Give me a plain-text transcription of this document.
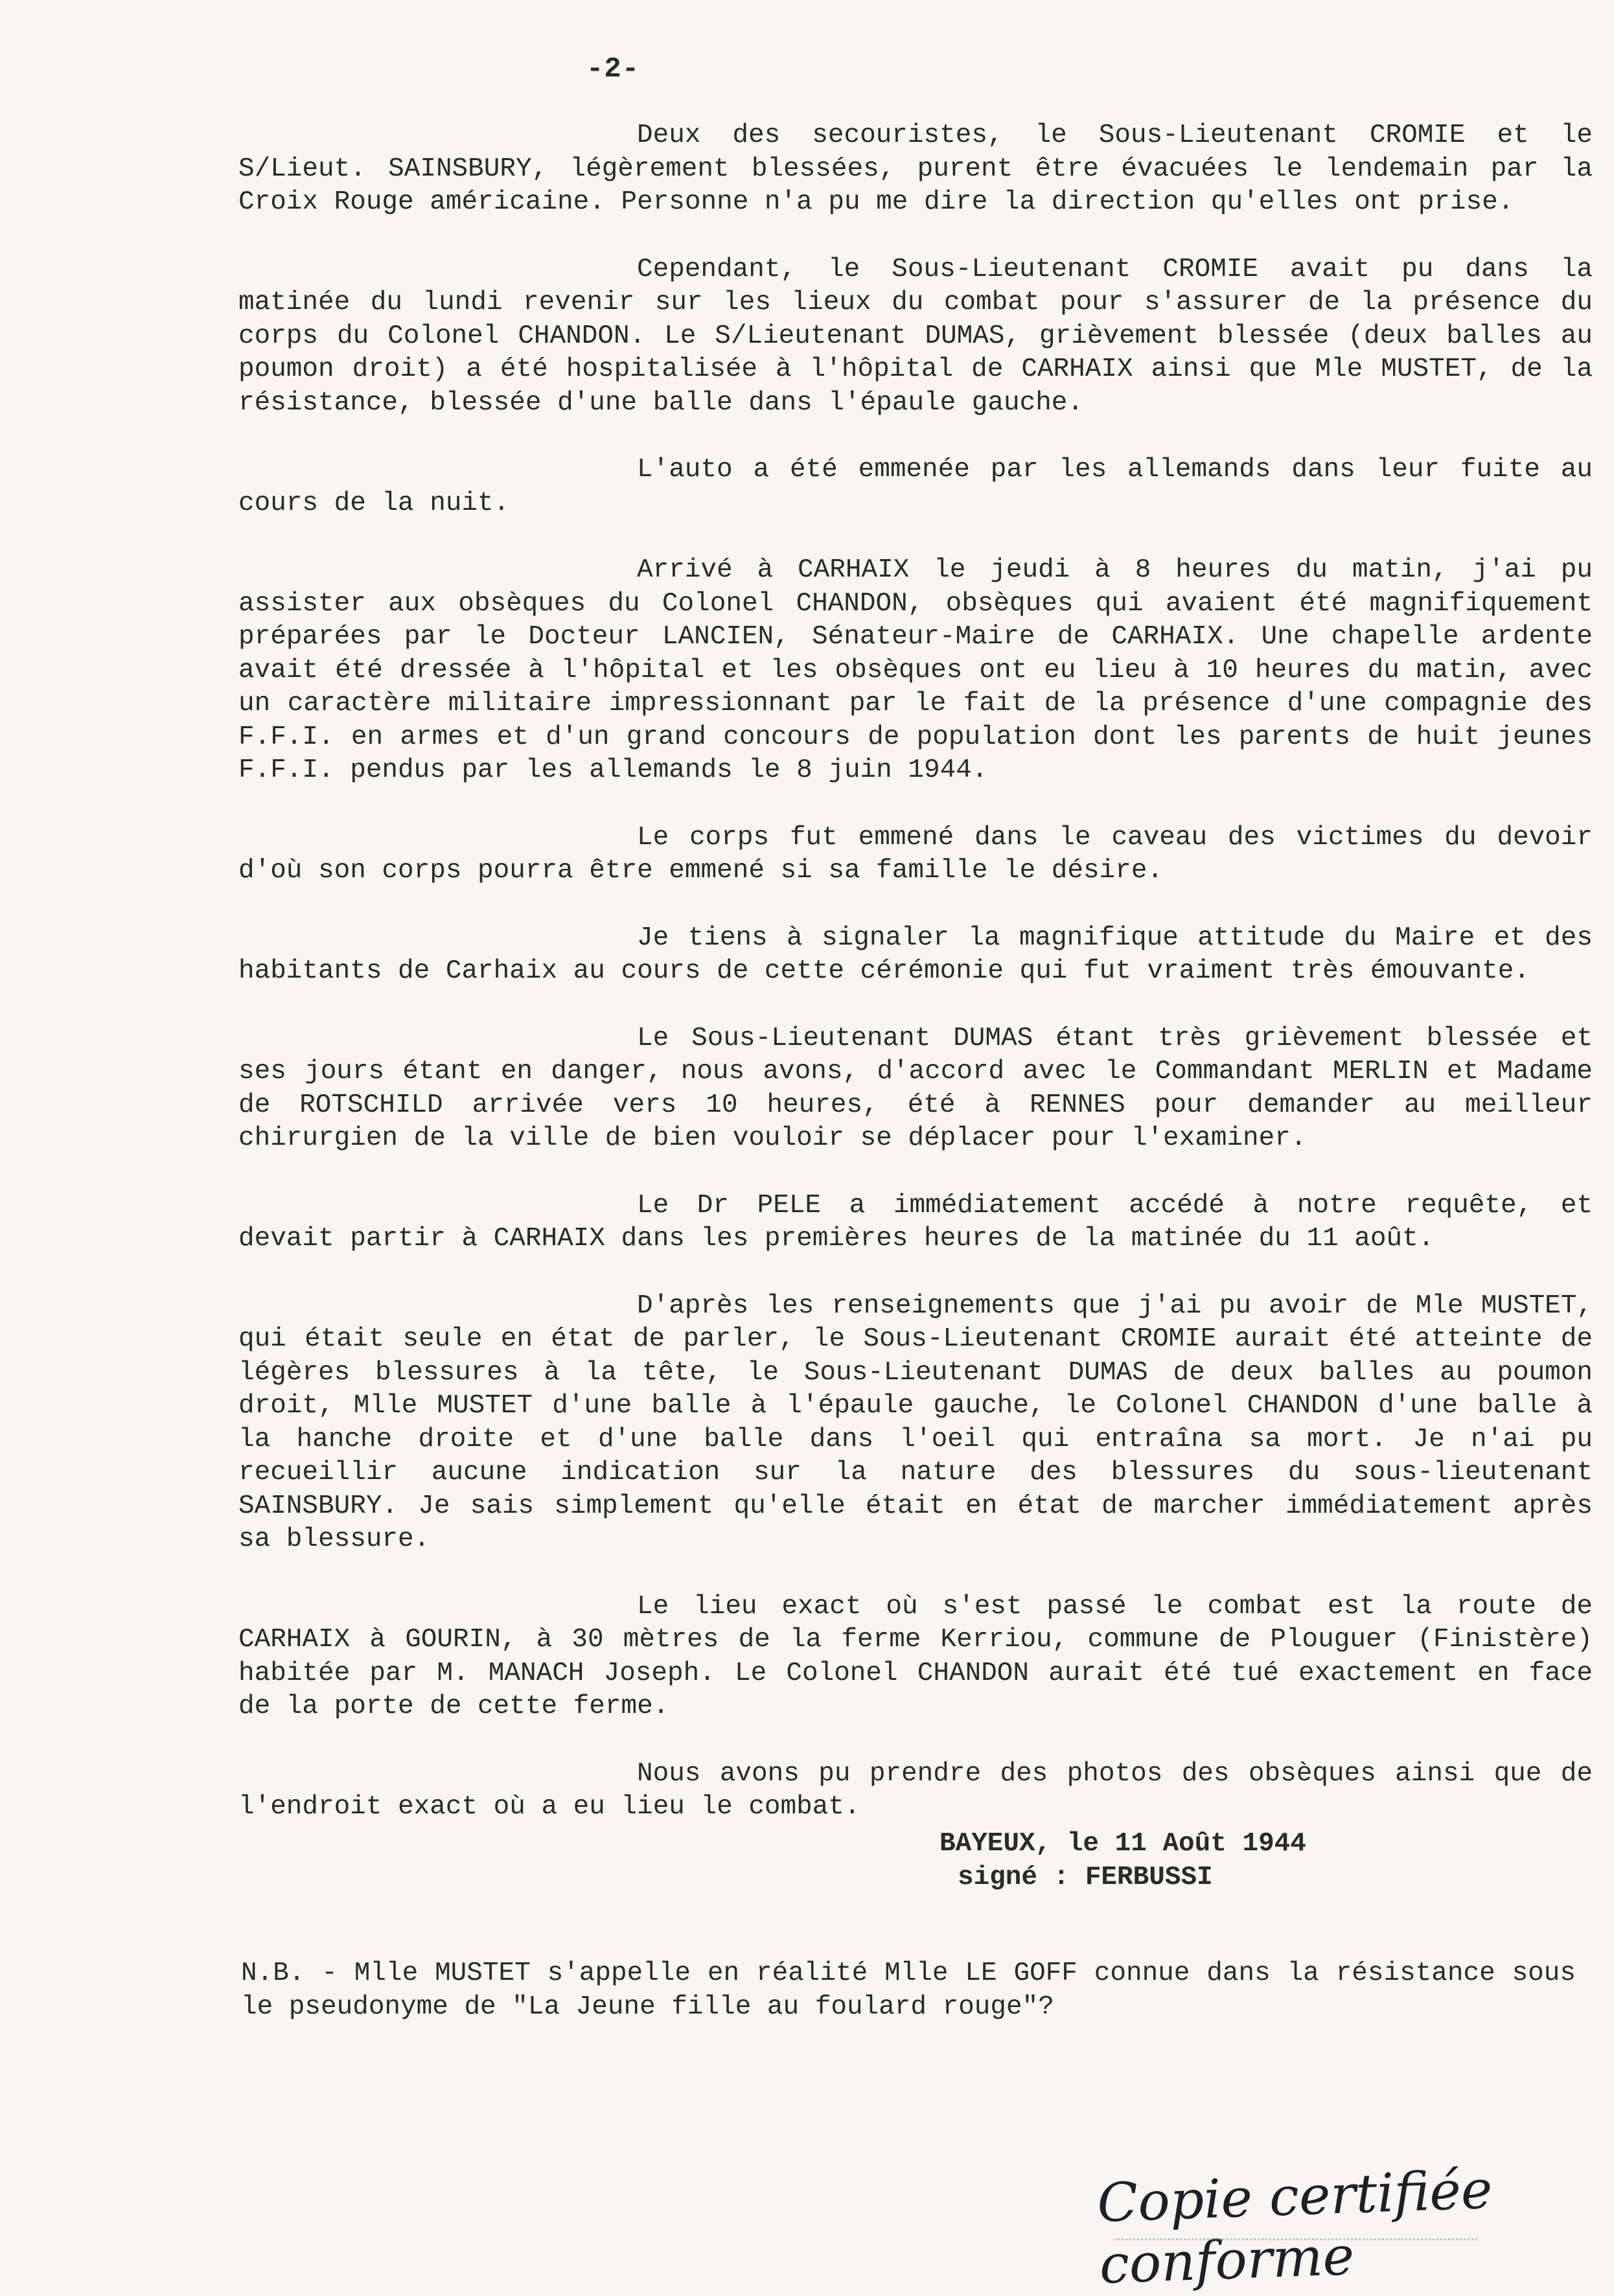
-2-

Deux des secouristes, le Sous-Lieutenant CROMIE et le S/Lieut. SAINSBURY, légèrement blessées, purent être évacuées le lendemain par la Croix Rouge américaine. Personne n'a pu me dire la direction qu'elles ont prise.

Cependant, le Sous-Lieutenant CROMIE avait pu dans la matinée du lundi revenir sur les lieux du combat pour s'assurer de la présence du corps du Colonel CHANDON. Le S/Lieutenant DUMAS, grièvement blessée (deux balles au poumon droit) a été hospitalisée à l'hôpital de CARHAIX ainsi que Mle MUSTET, de la résistance, blessée d'une balle dans l'épaule gauche.

L'auto a été emmenée par les allemands dans leur fuite au cours de la nuit.

Arrivé à CARHAIX le jeudi à 8 heures du matin, j'ai pu assister aux obsèques du Colonel CHANDON, obsèques qui avaient été magnifiquement préparées par le Docteur LANCIEN, Sénateur-Maire de CARHAIX. Une chapelle ardente avait été dressée à l'hôpital et les obsèques ont eu lieu à 10 heures du matin, avec un caractère militaire impressionnant par le fait de la présence d'une compagnie des F.F.I. en armes et d'un grand concours de population dont les parents de huit jeunes F.F.I. pendus par les allemands le 8 juin 1944.

Le corps fut emmené dans le caveau des victimes du devoir d'où son corps pourra être emmené si sa famille le désire.

Je tiens à signaler la magnifique attitude du Maire et des habitants de Carhaix au cours de cette cérémonie qui fut vraiment très émouvante.

Le Sous-Lieutenant DUMAS étant très grièvement blessée et ses jours étant en danger, nous avons, d'accord avec le Commandant MERLIN et Madame de ROTSCHILD arrivée vers 10 heures, été à RENNES pour demander au meilleur chirurgien de la ville de bien vouloir se déplacer pour l'examiner.

Le Dr PELE a immédiatement accédé à notre requête, et devait partir à CARHAIX dans les premières heures de la matinée du 11 août.

D'après les renseignements que j'ai pu avoir de Mle MUSTET, qui était seule en état de parler, le Sous-Lieutenant CROMIE aurait été atteinte de légères blessures à la tête, le Sous-Lieutenant DUMAS de deux balles au poumon droit, Mlle MUSTET d'une balle à l'épaule gauche, le Colonel CHANDON d'une balle à la hanche droite et d'une balle dans l'oeil qui entraîna sa mort. Je n'ai pu recueillir aucune indication sur la nature des blessures du sous-lieutenant SAINSBURY. Je sais simplement qu'elle était en état de marcher immédiatement après sa blessure.

Le lieu exact où s'est passé le combat est la route de CARHAIX à GOURIN, à 30 mètres de la ferme Kerriou, commune de Plouguer (Finistère) habitée par M. MANACH Joseph. Le Colonel CHANDON aurait été tué exactement en face de la porte de cette ferme.

Nous avons pu prendre des photos des obsèques ainsi que de l'endroit exact où a eu lieu le combat.

BAYEUX, le 11 Août 1944
signé : FERBUSSI
N.B. - Mlle MUSTET s'appelle en réalité Mlle LE GOFF connue dans la résistance sous le pseudonyme de "La Jeune fille au foulard rouge"?
Copie certifiée conforme
